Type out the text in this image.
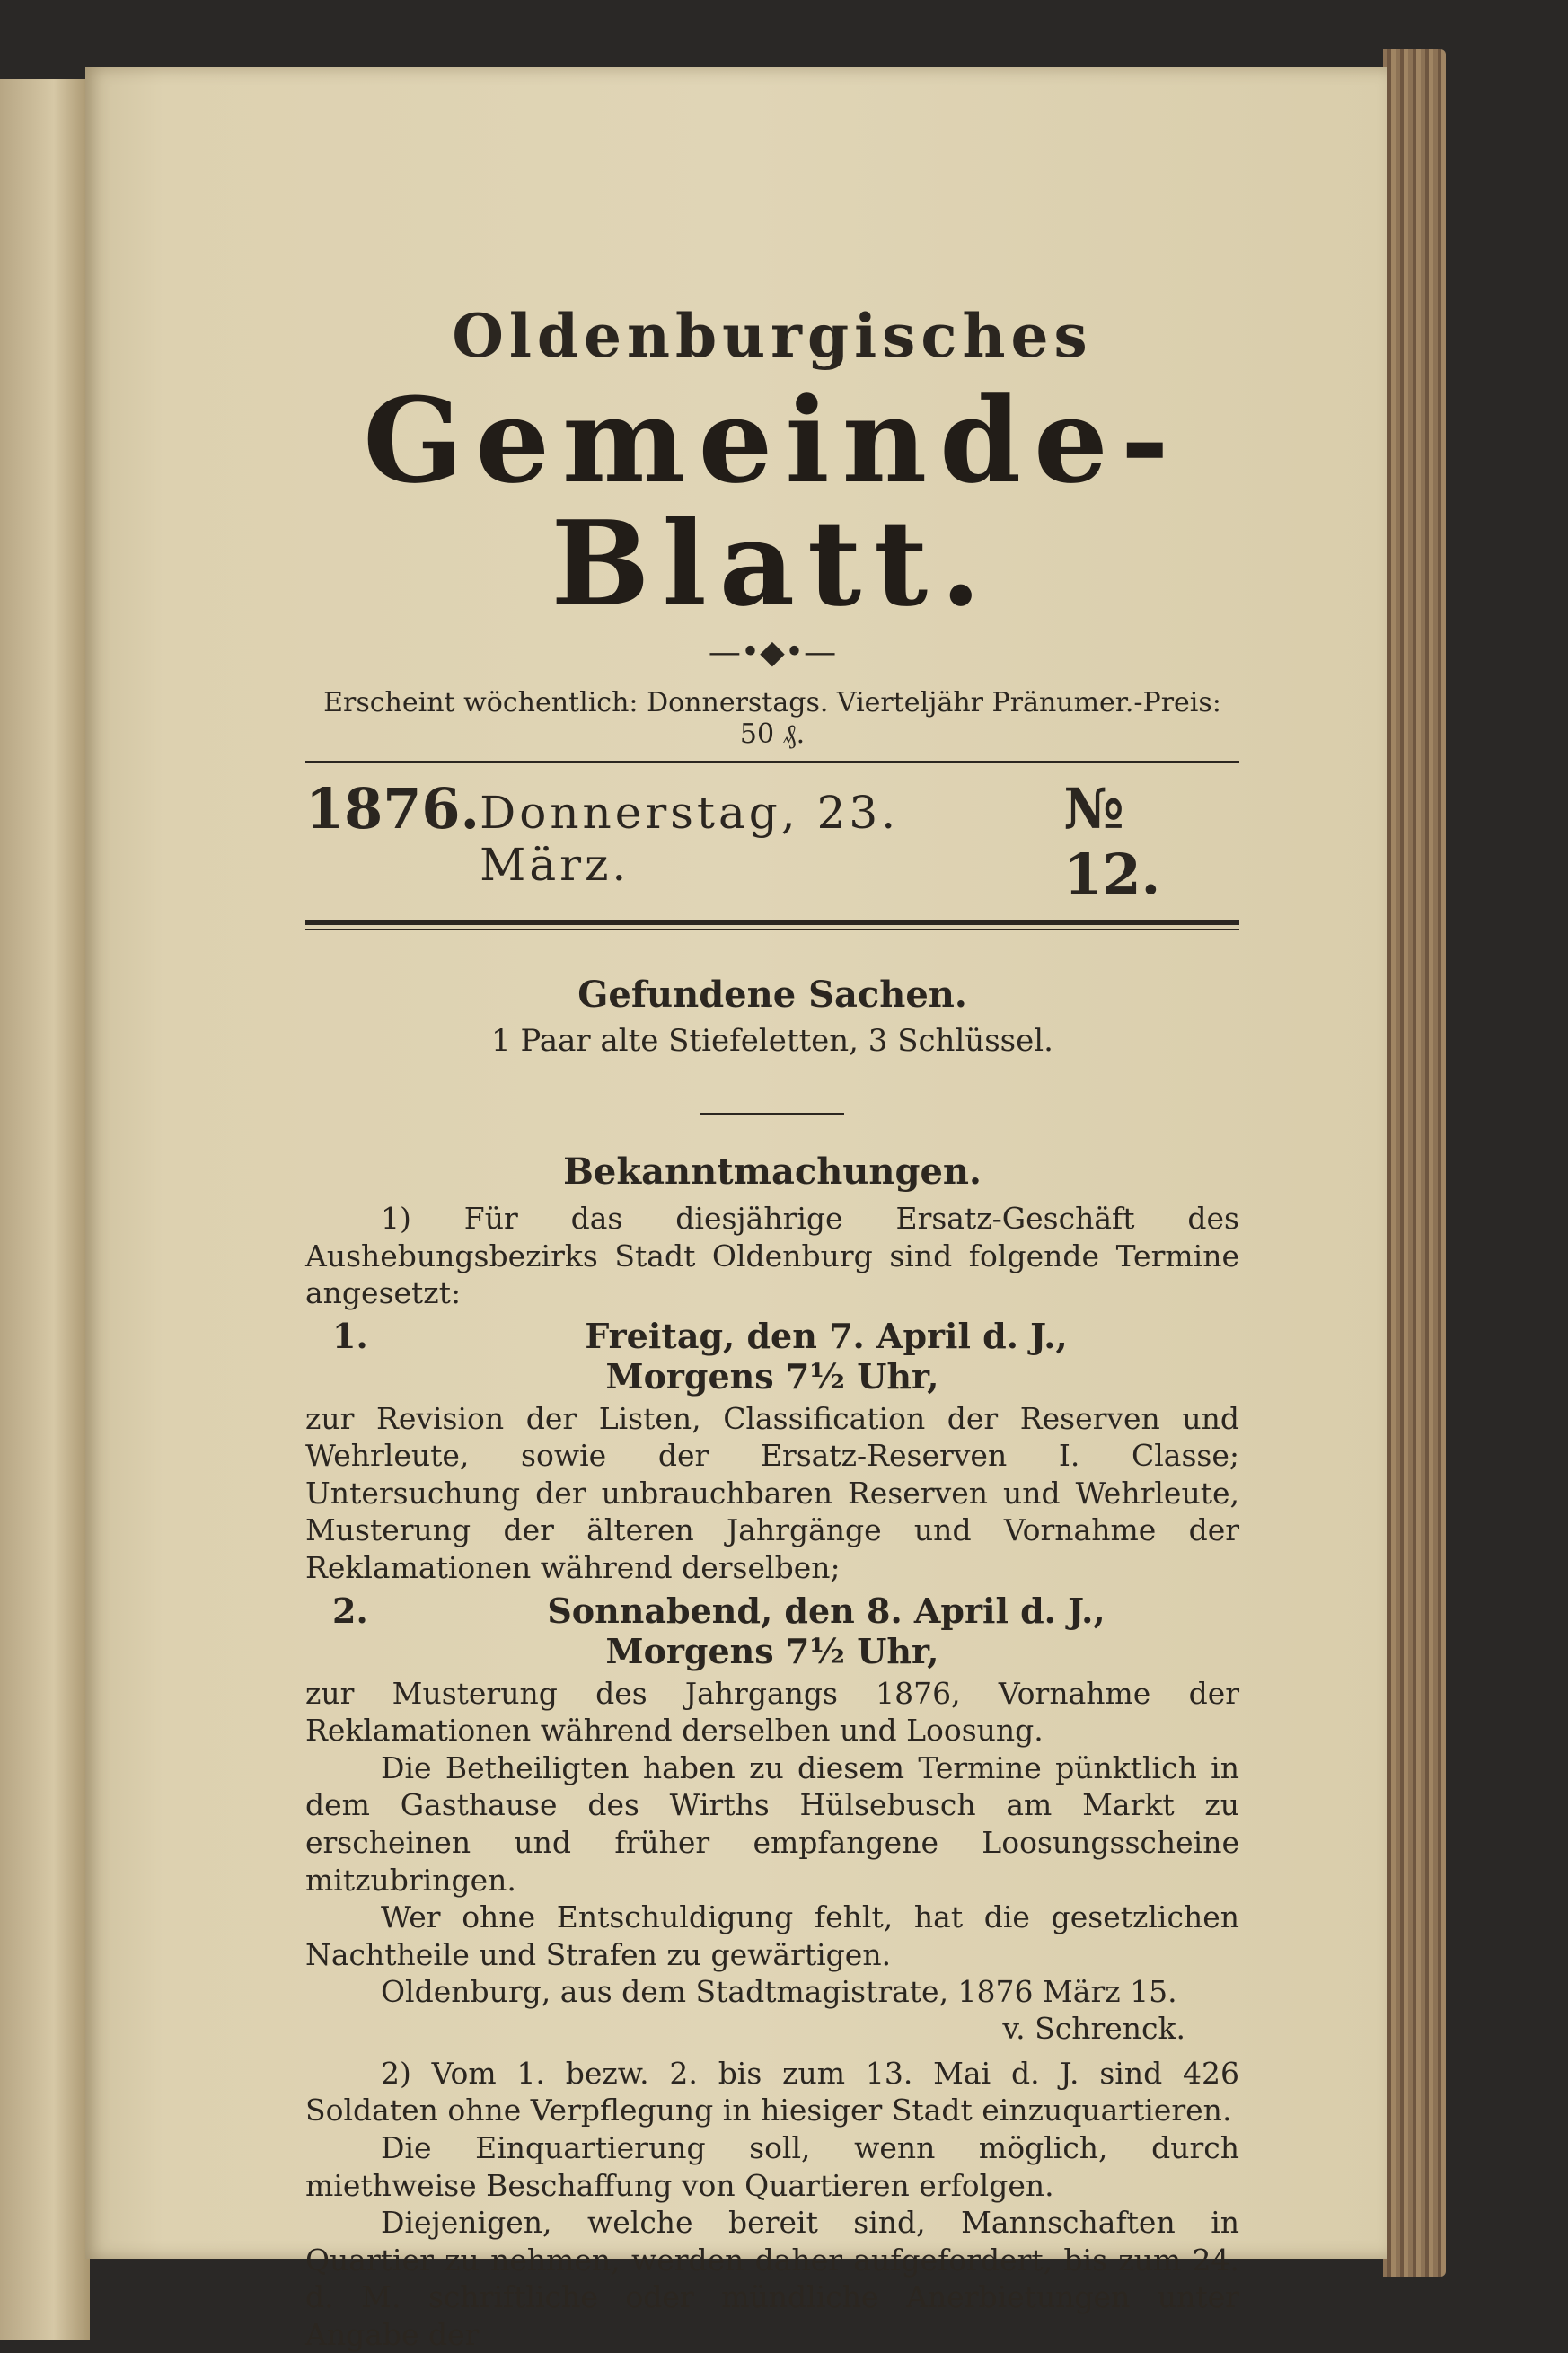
Oldenburgisches

Gemeinde-Blatt.

—•◆•—

Erscheint wöchentlich: Donnerstags. Vierteljähr Pränumer.-Preis: 50 ₰.

1876. Donnerstag, 23. März.
№ 12.
Gefundene Sachen.

1 Paar alte Stiefeletten, 3 Schlüssel.

Bekanntmachungen.

1) Für das diesjährige Ersatz-Geschäft des Aushebungsbezirks Stadt Oldenburg sind folgende Termine angesetzt:

1.	Freitag, den 7. April d. J.,
Morgens 7½ Uhr,

zur Revision der Listen, Classification der Reserven und Wehrleute, sowie der Ersatz-Reserven I. Classe; Untersuchung der unbrauchbaren Reserven und Wehrleute, Musterung der älteren Jahrgänge und Vornahme der Reklamationen während derselben;

2.	Sonnabend, den 8. April d. J.,
Morgens 7½ Uhr,

zur Musterung des Jahrgangs 1876, Vornahme der Reklamationen während derselben und Loosung.

Die Betheiligten haben zu diesem Termine pünktlich in dem Gasthause des Wirths Hülsebusch am Markt zu erscheinen und früher empfangene Loosungsscheine mitzubringen.

Wer ohne Entschuldigung fehlt, hat die gesetzlichen Nachtheile und Strafen zu gewärtigen.

Oldenburg, aus dem Stadtmagistrate, 1876 März 15.

v. Schrenck.

2) Vom 1. bezw. 2. bis zum 13. Mai d. J. sind 426 Soldaten ohne Verpflegung in hiesiger Stadt einzuquartieren.

Die Einquartierung soll, wenn möglich, durch miethweise Beschaffung von Quartieren erfolgen.

Diejenigen, welche bereit sind, Mannschaften in Quartier zu nehmen, werden daher aufgefordert, bis zum 24. d. M. schriftliche oder mündliche Anerbietungen unter Angabe der
